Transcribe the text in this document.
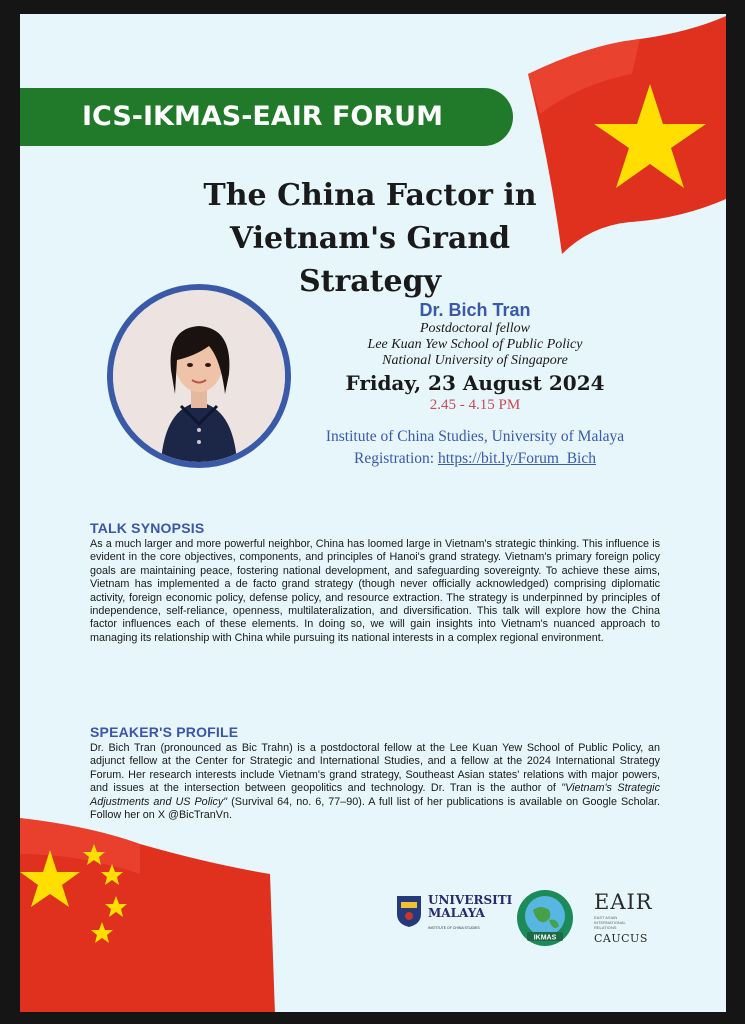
ICS-IKMAS-EAIR FORUM
The China Factor in
Vietnam's Grand Strategy
Dr. Bich Tran
Postdoctoral fellow
Lee Kuan Yew School of Public Policy
National University of Singapore
Friday, 23 August 2024
2.45 - 4.15 PM
Institute of China Studies, University of Malaya
Registration: https://bit.ly/Forum_Bich
TALK SYNOPSIS
As a much larger and more powerful neighbor, China has loomed large in Vietnam's strategic thinking. This influence is evident in the core objectives, components, and principles of Hanoi's grand strategy. Vietnam's primary foreign policy goals are maintaining peace, fostering national development, and safeguarding sovereignty. To achieve these aims, Vietnam has implemented a de facto grand strategy (though never officially acknowledged) comprising diplomatic activity, foreign economic policy, defense policy, and resource extraction. The strategy is underpinned by principles of independence, self-reliance, openness, multilateralization, and diversification. This talk will explore how the China factor influences each of these elements. In doing so, we will gain insights into Vietnam's nuanced approach to managing its relationship with China while pursuing its national interests in a complex regional environment.
SPEAKER'S PROFILE
Dr. Bich Tran (pronounced as Bic Trahn) is a postdoctoral fellow at the Lee Kuan Yew School of Public Policy, an adjunct fellow at the Center for Strategic and International Studies, and a fellow at the 2024 International Strategy Forum. Her research interests include Vietnam's grand strategy, Southeast Asian states' relations with major powers, and issues at the intersection between geopolitics and technology. Dr. Tran is the author of "Vietnam's Strategic Adjustments and US Policy" (Survival 64, no. 6, 77–90). A full list of her publications is available on Google Scholar. Follow her on X @BicTranVn.
UNIVERSITI
MALAYA
INSTITUTE OF CHINA STUDIES
IKMAS
EAIR
EAST ASIAN INTERNATIONAL RELATIONS
CAUCUS
